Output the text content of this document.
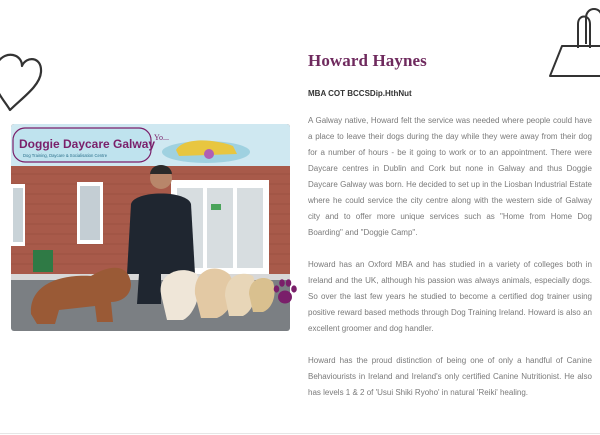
Doggie Daycare Galway
Dog Training, Daycare & Socialisation Centre
Yo...
Howard Haynes
MBA COT BCCSDip.HthNut

A Galway native, Howard felt the service was needed where people could have a place to leave their dogs during the day while they were away from their dog for a number of hours - be it going to work or to an appointment. There were Daycare centres in Dublin and Cork but none in Galway and thus Doggie Daycare Galway was born. He decided to set up in the Liosban Industrial Estate where he could service the city centre along with the western side of Galway city and to offer more unique services such as "Home from Home Dog Boarding" and "Doggie Camp".

Howard has an Oxford MBA and has studied in a variety of colleges both in Ireland and the UK, although his passion was always animals, especially dogs. So over the last few years he studied to become a certified dog trainer using positive reward based methods through Dog Training Ireland. Howard is also an excellent groomer and dog handler.

Howard has the proud distinction of being one of only a handful of Canine Behaviourists in Ireland and Ireland's only certified Canine Nutritionist. He also has levels 1 & 2 of 'Usui Shiki Ryoho' in natural 'Reiki' healing.
